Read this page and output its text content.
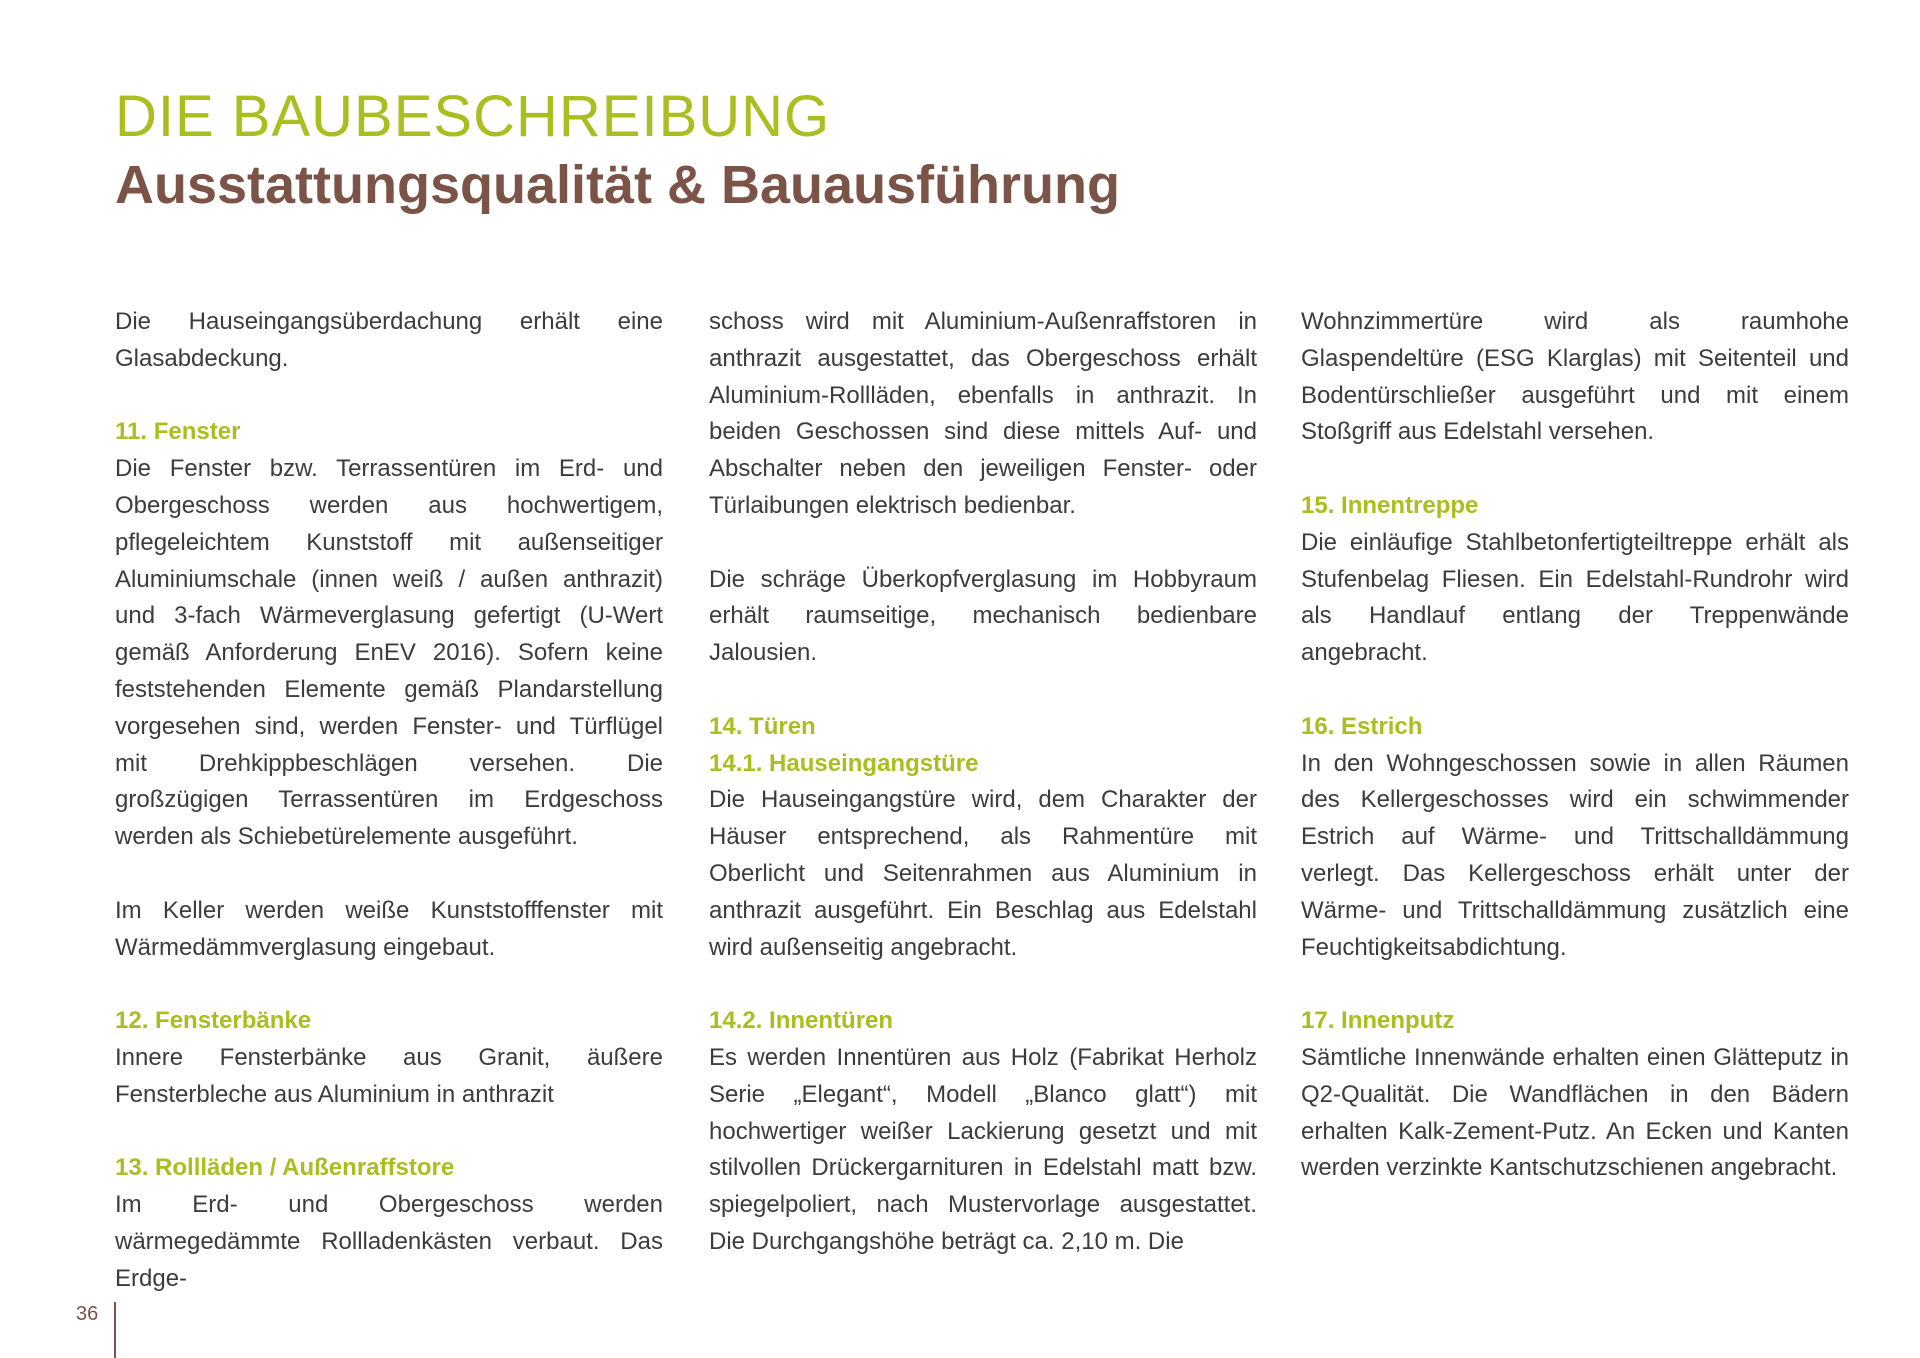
DIE BAUBESCHREIBUNG
Ausstattungsqualität & Bauausführung

Die Hauseingangsüberdachung erhält eine Glasabdeckung.

11. Fenster

Die Fenster bzw. Terrassentüren im Erd- und Obergeschoss werden aus hochwertigem, pflegeleichtem Kunststoff mit außenseitiger Aluminiumschale (innen weiß / außen anthrazit) und 3-fach Wärmeverglasung gefertigt (U-Wert gemäß Anforderung EnEV 2016). Sofern keine feststehenden Elemente gemäß Plandarstellung vorgesehen sind, werden Fenster- und Türflügel mit Drehkippbeschlägen versehen. Die großzügigen Terrassentüren im Erdgeschoss werden als Schiebetürelemente ausgeführt.

Im Keller werden weiße Kunststofffenster mit Wärmedämmverglasung eingebaut.

12. Fensterbänke

Innere Fensterbänke aus Granit, äußere Fensterbleche aus Aluminium in anthrazit

13. Rollläden / Außenraffstore

Im Erd- und Obergeschoss werden wärmegedämmte Rollladenkästen verbaut. Das Erdge-

schoss wird mit Aluminium-Außenraffstoren in anthrazit ausgestattet, das Obergeschoss erhält Aluminium-Rollläden, ebenfalls in anthrazit. In beiden Geschossen sind diese mittels Auf- und Abschalter neben den jeweiligen Fenster- oder Türlaibungen elektrisch bedienbar.

Die schräge Überkopfverglasung im Hobbyraum erhält raumseitige, mechanisch bedienbare Jalousien.

14. Türen
14.1. Hauseingangstüre

Die Hauseingangstüre wird, dem Charakter der Häuser entsprechend, als Rahmentüre mit Oberlicht und Seitenrahmen aus Aluminium in anthrazit ausgeführt. Ein Beschlag aus Edelstahl wird außenseitig angebracht.

14.2. Innentüren

Es werden Innentüren aus Holz (Fabrikat Herholz Serie „Elegant“, Modell „Blanco glatt“) mit hochwertiger weißer Lackierung gesetzt und mit stilvollen Drückergarnituren in Edelstahl matt bzw. spiegelpoliert, nach Mustervorlage ausgestattet. Die Durchgangshöhe beträgt ca. 2,10 m. Die

Wohnzimmertüre wird als raumhohe Glaspendeltüre (ESG Klarglas) mit Seitenteil und Bodentürschließer ausgeführt und mit einem Stoßgriff aus Edelstahl versehen.

15. Innentreppe

Die einläufige Stahlbetonfertigteiltreppe erhält als Stufenbelag Fliesen. Ein Edelstahl-Rundrohr wird als Handlauf entlang der Treppenwände angebracht.

16. Estrich

In den Wohngeschossen sowie in allen Räumen des Kellergeschosses wird ein schwimmender Estrich auf Wärme- und Trittschalldämmung verlegt. Das Kellergeschoss erhält unter der Wärme- und Trittschalldämmung zusätzlich eine Feuchtigkeitsabdichtung.

17. Innenputz

Sämtliche Innenwände erhalten einen Glätteputz in Q2-Qualität. Die Wandflächen in den Bädern erhalten Kalk-Zement-Putz. An Ecken und Kanten werden verzinkte Kantschutzschienen angebracht.

36
